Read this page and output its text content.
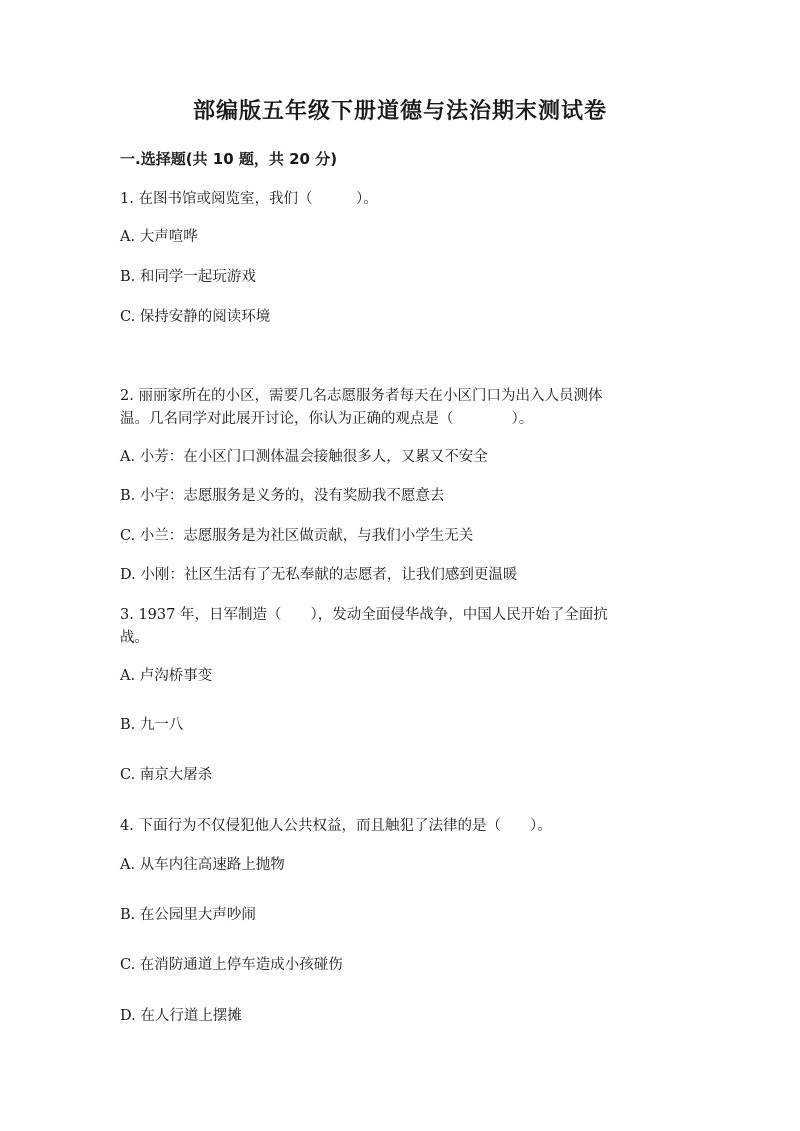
部编版五年级下册道德与法治期末测试卷

一.选择题(共 10 题，共 20 分)

1. 在图书馆或阅览室，我们（　　　）。

A. 大声喧哗

B. 和同学一起玩游戏

C. 保持安静的阅读环境

2. 丽丽家所在的小区，需要几名志愿服务者每天在小区门口为出入人员测体

温。几名同学对此展开讨论，你认为正确的观点是（　　　　）。

A. 小芳：在小区门口测体温会接触很多人，又累又不安全

B. 小宇：志愿服务是义务的，没有奖励我不愿意去

C. 小兰：志愿服务是为社区做贡献，与我们小学生无关

D. 小刚：社区生活有了无私奉献的志愿者，让我们感到更温暖

3. 1937 年，日军制造（　　），发动全面侵华战争，中国人民开始了全面抗

战。

A. 卢沟桥事变

B. 九一八

C. 南京大屠杀

4. 下面行为不仅侵犯他人公共权益，而且触犯了法律的是（　　）。

A. 从车内往高速路上抛物

B. 在公园里大声吵闹

C. 在消防通道上停车造成小孩碰伤

D. 在人行道上摆摊
